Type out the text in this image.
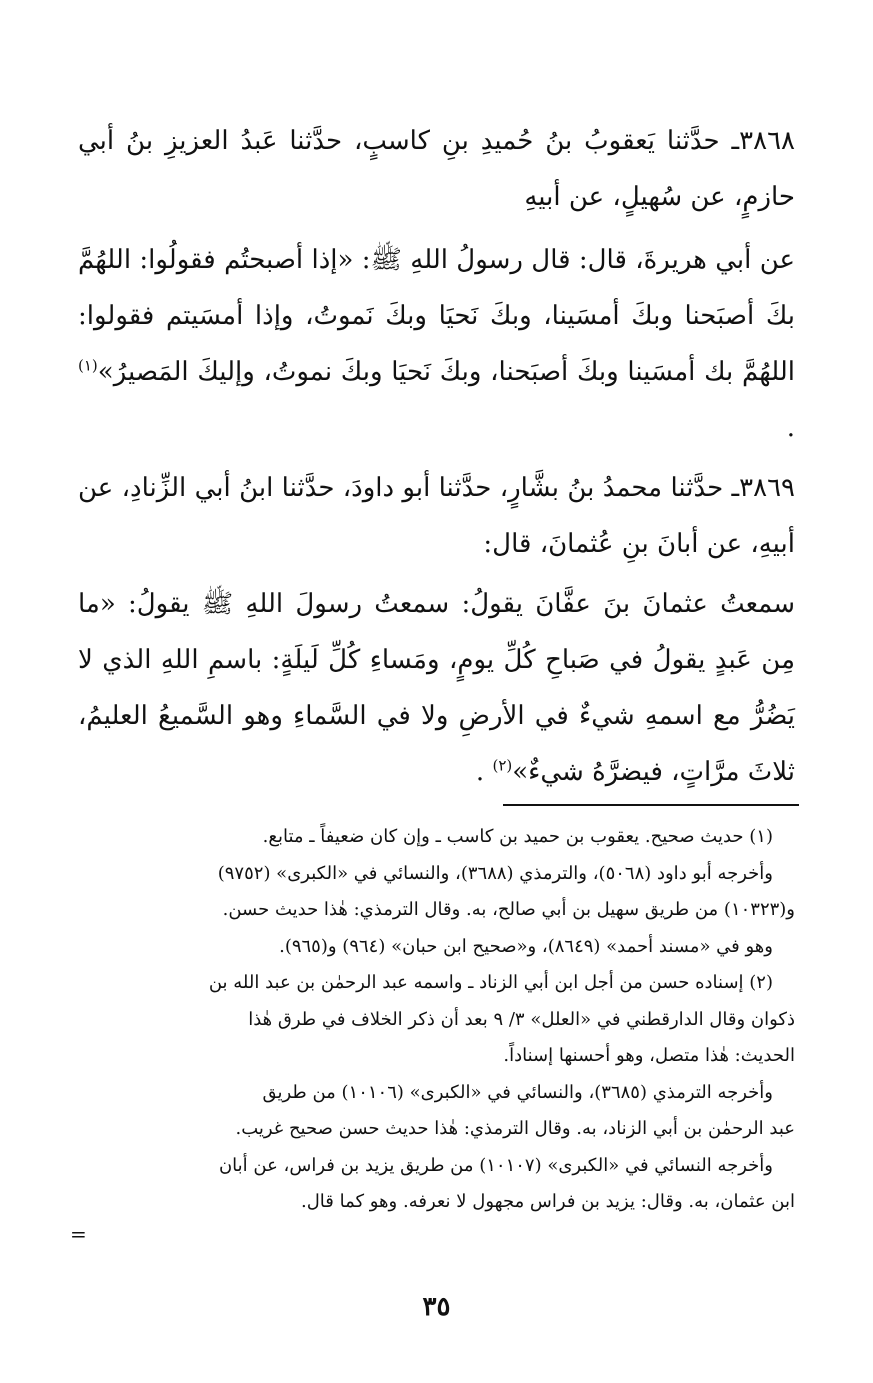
٣٨٦٨ـ حدَّثنا يَعقوبُ بنُ حُميدِ بنِ كاسبٍ، حدَّثنا عَبدُ العزيزِ بنُ أبي حازمٍ، عن سُهيلٍ، عن أبيهِ

عن أبي هريرةَ، قال: قال رسولُ اللهِ ﷺ: «إذا أصبحتُم فقولُوا: اللهُمَّ بكَ أصبَحنا وبكَ أمسَينا، وبكَ نَحيَا وبكَ نَموتُ، وإذا أمسَيتم فقولوا: اللهُمَّ بك أمسَينا وبكَ أصبَحنا، وبكَ نَحيَا وبكَ نموتُ، وإليكَ المَصيرُ»$^{(١)}$ .

٣٨٦٩ـ حدَّثنا محمدُ بنُ بشَّارٍ، حدَّثنا أبو داودَ، حدَّثنا ابنُ أبي الزِّنادِ، عن أبيهِ، عن أبانَ بنِ عُثمانَ، قال:

سمعتُ عثمانَ بنَ عفَّانَ يقولُ: سمعتُ رسولَ اللهِ ﷺ يقولُ: «ما مِن عَبدٍ يقولُ في صَباحِ كُلِّ يومٍ، ومَساءِ كُلِّ لَيلَةٍ: باسمِ اللهِ الذي لا يَضُرُّ مع اسمهِ شيءٌ في الأرضِ ولا في السَّماءِ وهو السَّميعُ العليمُ، ثلاثَ مرَّاتٍ، فيضرَّهُ شيءٌ»$^{(٢)}$ .

(١) حديث صحيح. يعقوب بن حميد بن كاسب ـ وإن كان ضعيفاً ـ متابع.

وأخرجه أبو داود (٥٠٦٨)، والترمذي (٣٦٨٨)، والنسائي في «الكبرى» (٩٧٥٢)

و(١٠٣٢٣) من طريق سهيل بن أبي صالح، به. وقال الترمذي: هٰذا حديث حسن.

وهو في «مسند أحمد» (٨٦٤٩)، و«صحيح ابن حبان» (٩٦٤) و(٩٦٥).

(٢) إسناده حسن من أجل ابن أبي الزناد ـ واسمه عبد الرحمٰن بن عبد الله بن

ذكوان وقال الدارقطني في «العلل» ٣/ ٩ بعد أن ذكر الخلاف في طرق هٰذا

الحديث: هٰذا متصل، وهو أحسنها إسناداً.

وأخرجه الترمذي (٣٦٨٥)، والنسائي في «الكبرى» (١٠١٠٦) من طريق

عبد الرحمٰن بن أبي الزناد، به. وقال الترمذي: هٰذا حديث حسن صحيح غريب.

وأخرجه النسائي في «الكبرى» (١٠١٠٧) من طريق يزيد بن فراس، عن أبان

ابن عثمان، به. وقال: يزيد بن فراس مجهول لا نعرفه. وهو كما قال.

=
٣٥
